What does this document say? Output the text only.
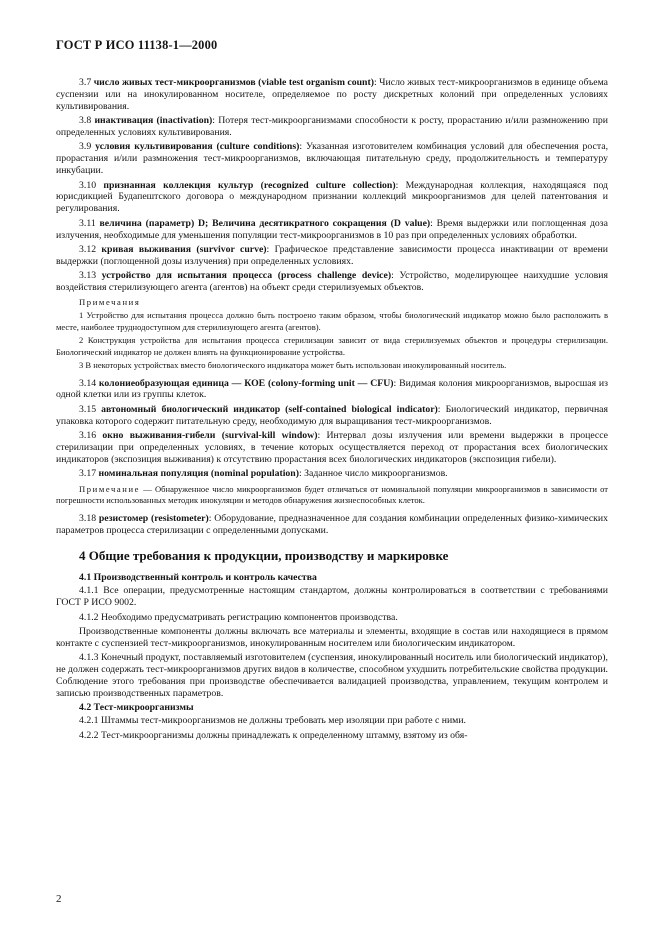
ГОСТ Р ИСО 11138-1—2000

3.7 число живых тест-микроорганизмов (viable test organism count): Число живых тест-микроорганизмов в единице объема суспензии или на инокулированном носителе, определяемое по росту дискретных колоний при определенных условиях культивирования.

3.8 инактивация (inactivation): Потеря тест-микроорганизмами способности к росту, прорастанию и/или размножению при определенных условиях культивирования.

3.9 условия культивирования (culture conditions): Указанная изготовителем комбинация условий для обеспечения роста, прорастания и/или размножения тест-микроорганизмов, включающая питательную среду, продолжительность и температуру инкубации.

3.10 признанная коллекция культур (recognized culture collection): Международная коллекция, находящаяся под юрисдикцией Будапештского договора о международном признании коллекций микроорганизмов для целей патентования и регулирования.

3.11 величина (параметр) D; Величина десятикратного сокращения (D value): Время выдержки или поглощенная доза излучения, необходимые для уменьшения популяции тест-микроорганизмов в 10 раз при определенных условиях обработки.

3.12 кривая выживания (survivor curve): Графическое представление зависимости процесса инактивации от времени выдержки (поглощенной дозы излучения) при определенных условиях.

3.13 устройство для испытания процесса (process challenge device): Устройство, моделирующее наихудшие условия воздействия стерилизующего агента (агентов) на объект среди стерилизуемых объектов.

Примечания

1 Устройство для испытания процесса должно быть построено таким образом, чтобы биологический индикатор можно было расположить в месте, наиболее труднодоступном для стерилизующего агента (агентов).

2 Конструкция устройства для испытания процесса стерилизации зависит от вида стерилизуемых объектов и процедуры стерилизации. Биологический индикатор не должен влиять на функционирование устройства.

3 В некоторых устройствах вместо биологического индикатора может быть использован инокулированный носитель.

3.14 колониеобразующая единица — КОЕ (colony-forming unit — CFU): Видимая колония микроорганизмов, выросшая из одной клетки или из группы клеток.

3.15 автономный биологический индикатор (self-contained biological indicator): Биологический индикатор, первичная упаковка которого содержит питательную среду, необходимую для выращивания тест-микроорганизмов.

3.16 окно выживания-гибели (survival-kill window): Интервал дозы излучения или времени выдержки в процессе стерилизации при определенных условиях, в течение которых осуществляется переход от прорастания всех биологических индикаторов (экспозиция выживания) к отсутствию прорастания всех биологических индикаторов (экспозиция гибели).

3.17 номинальная популяция (nominal population): Заданное число микроорганизмов.

Примечание — Обнаруженное число микроорганизмов будет отличаться от номинальной популяции микроорганизмов в зависимости от погрешности использованных методик инокуляции и методов обнаружения жизнеспособных клеток.

3.18 резистомер (resistometer): Оборудование, предназначенное для создания комбинации определенных физико-химических параметров процесса стерилизации с определенными допусками.

4 Общие требования к продукции, производству и маркировке
4.1 Производственный контроль и контроль качества

4.1.1 Все операции, предусмотренные настоящим стандартом, должны контролироваться в соответствии с требованиями ГОСТ Р ИСО 9002.

4.1.2 Необходимо предусматривать регистрацию компонентов производства.

Производственные компоненты должны включать все материалы и элементы, входящие в состав или находящиеся в прямом контакте с суспензией тест-микроорганизмов, инокулированным носителем или биологическим индикатором.

4.1.3 Конечный продукт, поставляемый изготовителем (суспензия, инокулированный носитель или биологический индикатор), не должен содержать тест-микроорганизмов других видов в количестве, способном ухудшить потребительские свойства продукции. Соблюдение этого требования при производстве обеспечивается валидацией производства, управлением, текущим контролем и записью производственных параметров.

4.2 Тест-микроорганизмы

4.2.1 Штаммы тест-микроорганизмов не должны требовать мер изоляции при работе с ними.

4.2.2 Тест-микроорганизмы должны принадлежать к определенному штамму, взятому из обя-

2
